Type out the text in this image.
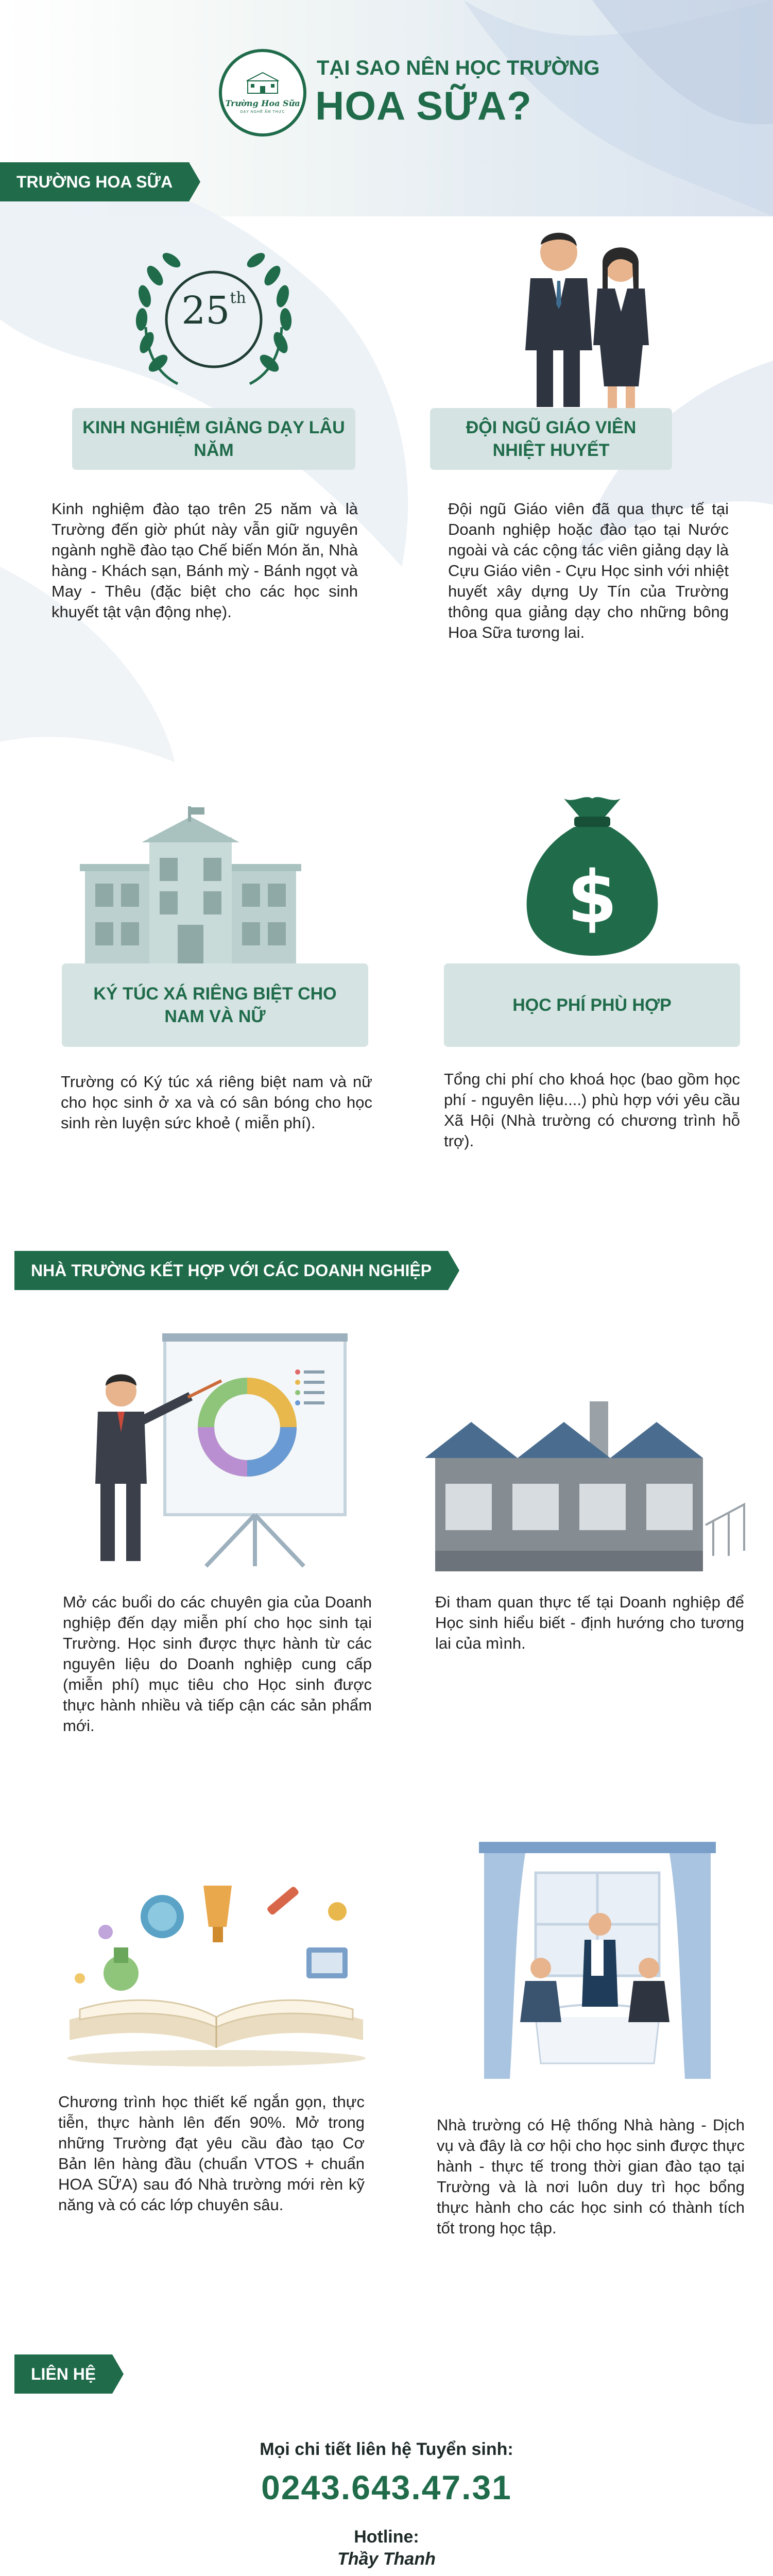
Trường Hoa Sữa
DẠY NGHỀ ẨM THỰC
TẠI SAO NÊN HỌC TRƯỜNG
HOA SỮA?
TRƯỜNG HOA SỮA
25th
KINH NGHIỆM GIẢNG DẠY LÂU NĂM
ĐỘI NGŨ GIÁO VIÊN NHIỆT HUYẾT
Kinh nghiệm đào tạo trên 25 năm và là Trường đến giờ phút này vẫn giữ nguyên ngành nghề đào tạo Chế biến Món ăn, Nhà hàng - Khách sạn, Bánh mỳ - Bánh ngọt và May - Thêu (đặc biệt cho các học sinh khuyết tật vận động nhẹ).
Đội ngũ Giáo viên đã qua thực tế tại Doanh nghiệp hoặc đào tạo tại Nước ngoài và các cộng tác viên giảng dạy là Cựu Giáo viên - Cựu Học sinh với nhiệt huyết xây dựng Uy Tín của Trường thông qua giảng dạy cho những bông Hoa Sữa tương lai.
$
KÝ TÚC XÁ RIÊNG BIỆT CHO NAM VÀ NỮ
HỌC PHÍ PHÙ HỢP
Trường có Ký túc xá riêng biệt nam và nữ cho học sinh ở xa và có sân bóng cho học sinh rèn luyện sức khoẻ ( miễn phí).
Tổng chi phí cho khoá học (bao gồm học phí - nguyên liệu....) phù hợp với yêu cầu Xã Hội (Nhà trường có chương trình hỗ trợ).
NHÀ TRƯỜNG KẾT HỢP VỚI CÁC DOANH NGHIỆP
Mở các buổi do các chuyên gia của Doanh nghiệp đến dạy miễn phí cho học sinh tại Trường. Học sinh được thực hành từ các nguyên liệu do Doanh nghiệp cung cấp (miễn phí) mục tiêu cho Học sinh được thực hành nhiều và tiếp cận các sản phẩm mới.
Đi tham quan thực tế tại Doanh nghiệp để Học sinh hiểu biết - định hướng cho tương lai của mình.
Chương trình học thiết kế ngắn gọn, thực tiễn, thực hành lên đến 90%. Mở trong những Trường đạt yêu cầu đào tạo Cơ Bản lên hàng đầu (chuẩn VTOS + chuẩn HOA SỮA) sau đó Nhà trường mới rèn kỹ năng và có các lớp chuyên sâu.
Nhà trường có Hệ thống Nhà hàng - Dịch vụ và đây là cơ hội cho học sinh được thực hành - thực tế trong thời gian đào tạo tại Trường và là nơi luôn duy trì học bổng thực hành cho các học sinh có thành tích tốt trong học tập.
LIÊN HỆ
Mọi chi tiết liên hệ Tuyển sinh:
0243.643.47.31
Hotline:
Thầy Thanh
